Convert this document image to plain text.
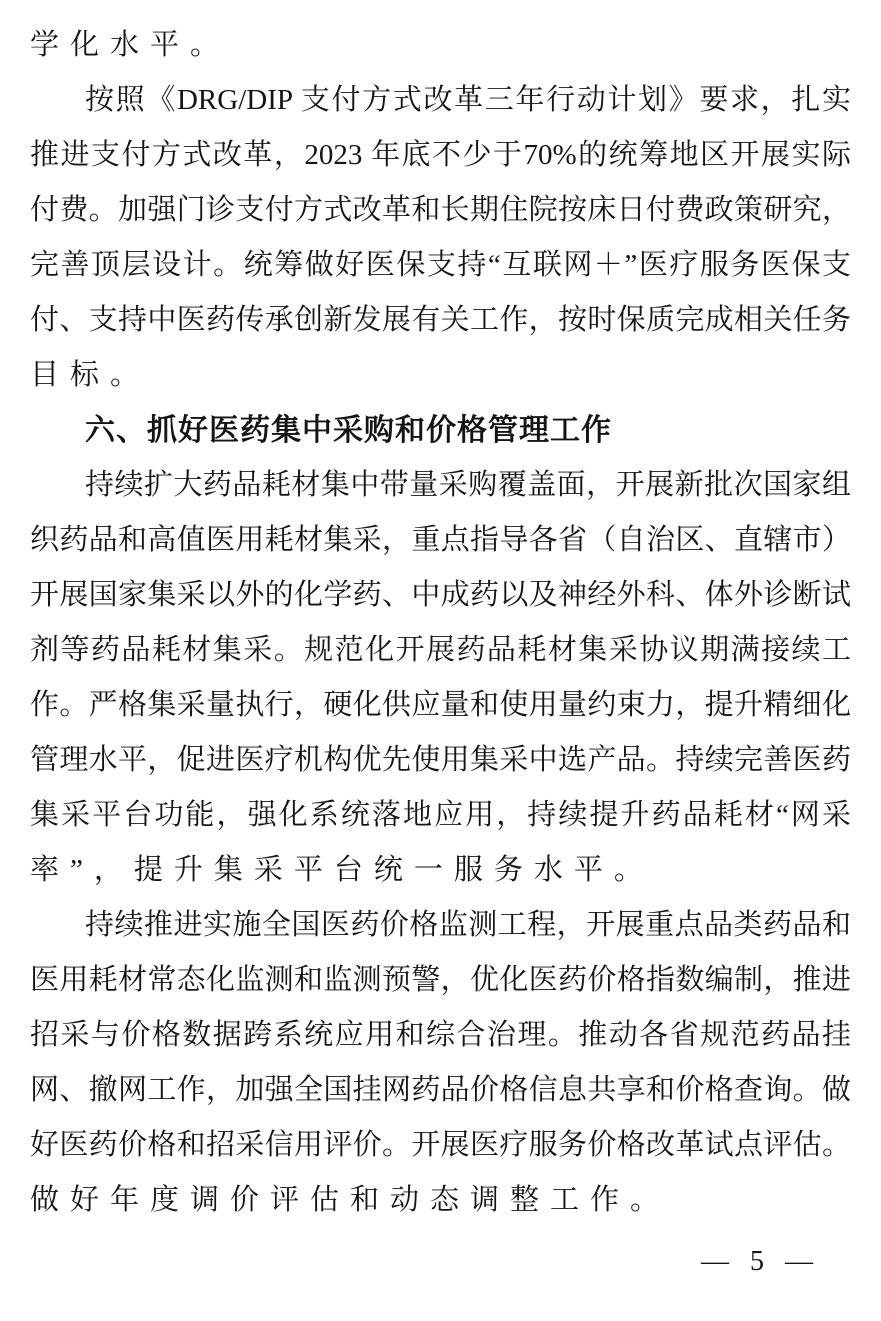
学化水平。
按照《DRG/DIP 支付方式改革三年行动计划》要求，扎实
推进支付方式改革，2023 年底不少于70%的统筹地区开展实际
付费。加强门诊支付方式改革和长期住院按床日付费政策研究，
完善顶层设计。统筹做好医保支持“互联网＋”医疗服务医保支
付、支持中医药传承创新发展有关工作，按时保质完成相关任务
目标。
六、抓好医药集中采购和价格管理工作
持续扩大药品耗材集中带量采购覆盖面，开展新批次国家组
织药品和高值医用耗材集采，重点指导各省（自治区、直辖市）
开展国家集采以外的化学药、中成药以及神经外科、体外诊断试
剂等药品耗材集采。规范化开展药品耗材集采协议期满接续工
作。严格集采量执行，硬化供应量和使用量约束力，提升精细化
管理水平，促进医疗机构优先使用集采中选产品。持续完善医药
集采平台功能，强化系统落地应用，持续提升药品耗材“网采
率”，提升集采平台统一服务水平。
持续推进实施全国医药价格监测工程，开展重点品类药品和
医用耗材常态化监测和监测预警，优化医药价格指数编制，推进
招采与价格数据跨系统应用和综合治理。推动各省规范药品挂
网、撤网工作，加强全国挂网药品价格信息共享和价格查询。做
好医药价格和招采信用评价。开展医疗服务价格改革试点评估。
做好年度调价评估和动态调整工作。
— 5 —
